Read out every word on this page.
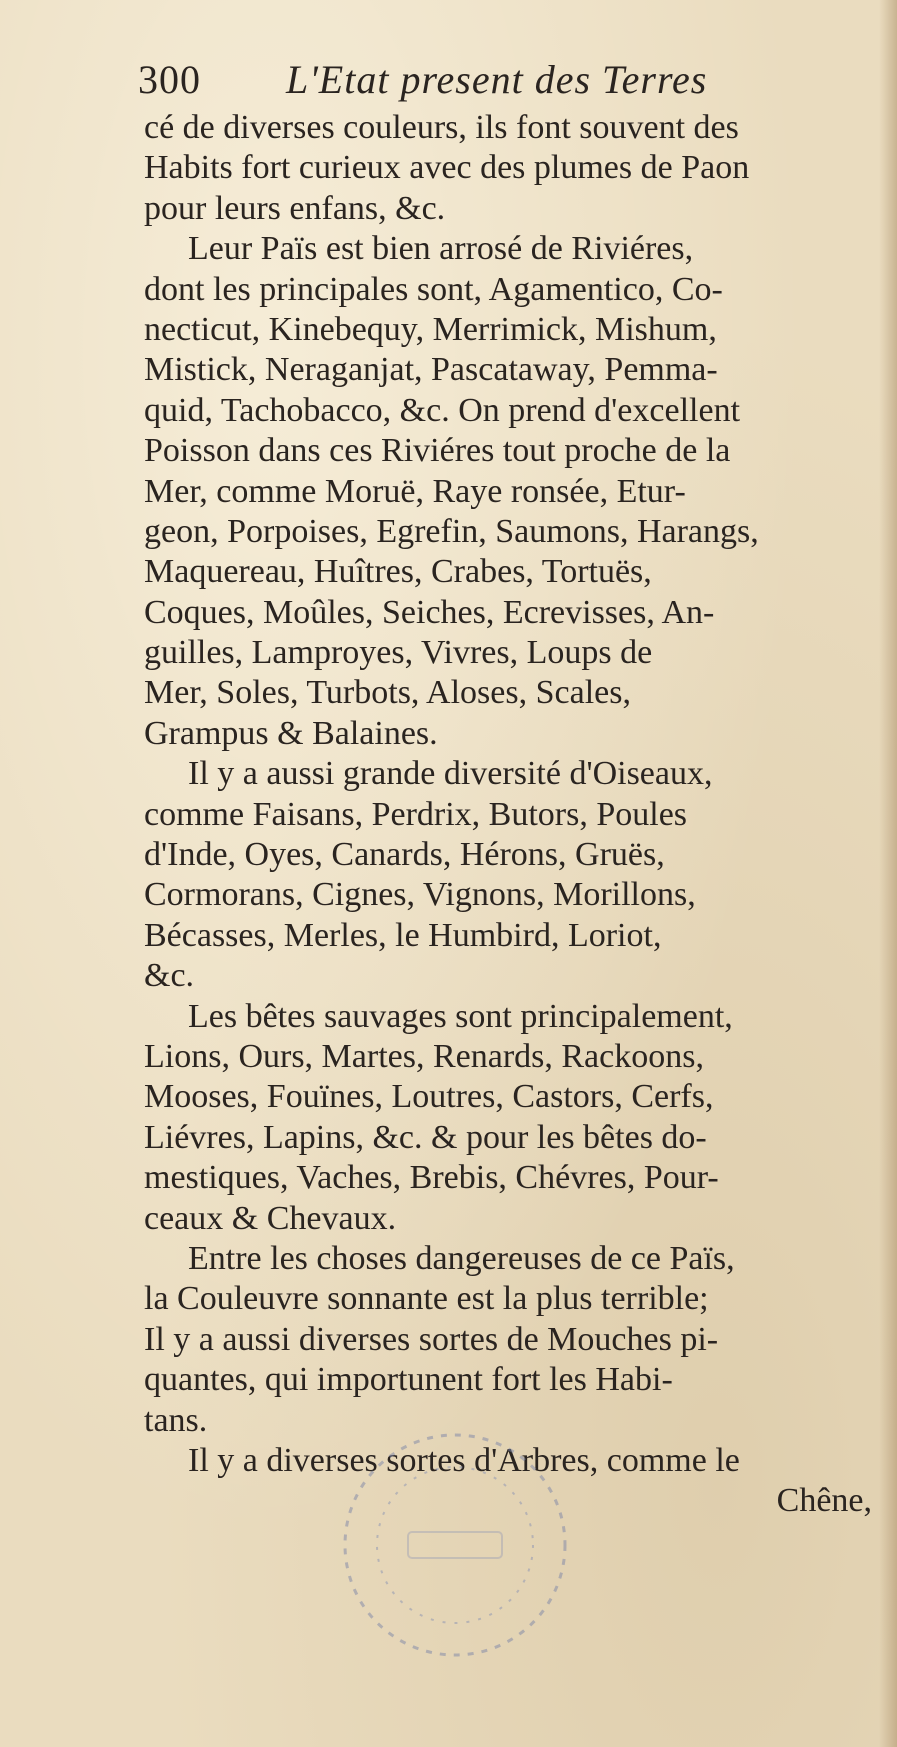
300 L'Etat present des Terres
cé de diverses couleurs, ils font souvent des
Habits fort curieux avec des plumes de Paon
pour leurs enfans, &c.
Leur Païs est bien arrosé de Riviéres,
dont les principales sont, Agamentico, Co-
necticut, Kinebequy, Merrimick, Mishum,
Mistick, Neraganjat, Pascataway, Pemma-
quid, Tachobacco, &c. On prend d'excellent
Poisson dans ces Riviéres tout proche de la
Mer, comme Moruë, Raye ronsée, Etur-
geon, Porpoises, Egrefin, Saumons, Harangs,
Maquereau, Huîtres, Crabes, Tortuës,
Coques, Moûles, Seiches, Ecrevisses, An-
guilles, Lamproyes, Vivres, Loups de
Mer, Soles, Turbots, Aloses, Scales,
Grampus & Balaines.
Il y a aussi grande diversité d'Oiseaux,
comme Faisans, Perdrix, Butors, Poules
d'Inde, Oyes, Canards, Hérons, Gruës,
Cormorans, Cignes, Vignons, Morillons,
Bécasses, Merles, le Humbird, Loriot,
&c.
Les bêtes sauvages sont principalement,
Lions, Ours, Martes, Renards, Rackoons,
Mooses, Fouïnes, Loutres, Castors, Cerfs,
Liévres, Lapins, &c. & pour les bêtes do-
mestiques, Vaches, Brebis, Chévres, Pour-
ceaux & Chevaux.
Entre les choses dangereuses de ce Païs,
la Couleuvre sonnante est la plus terrible;
Il y a aussi diverses sortes de Mouches pi-
quantes, qui importunent fort les Habi-
tans.
Il y a diverses sortes d'Arbres, comme le
Chêne,
